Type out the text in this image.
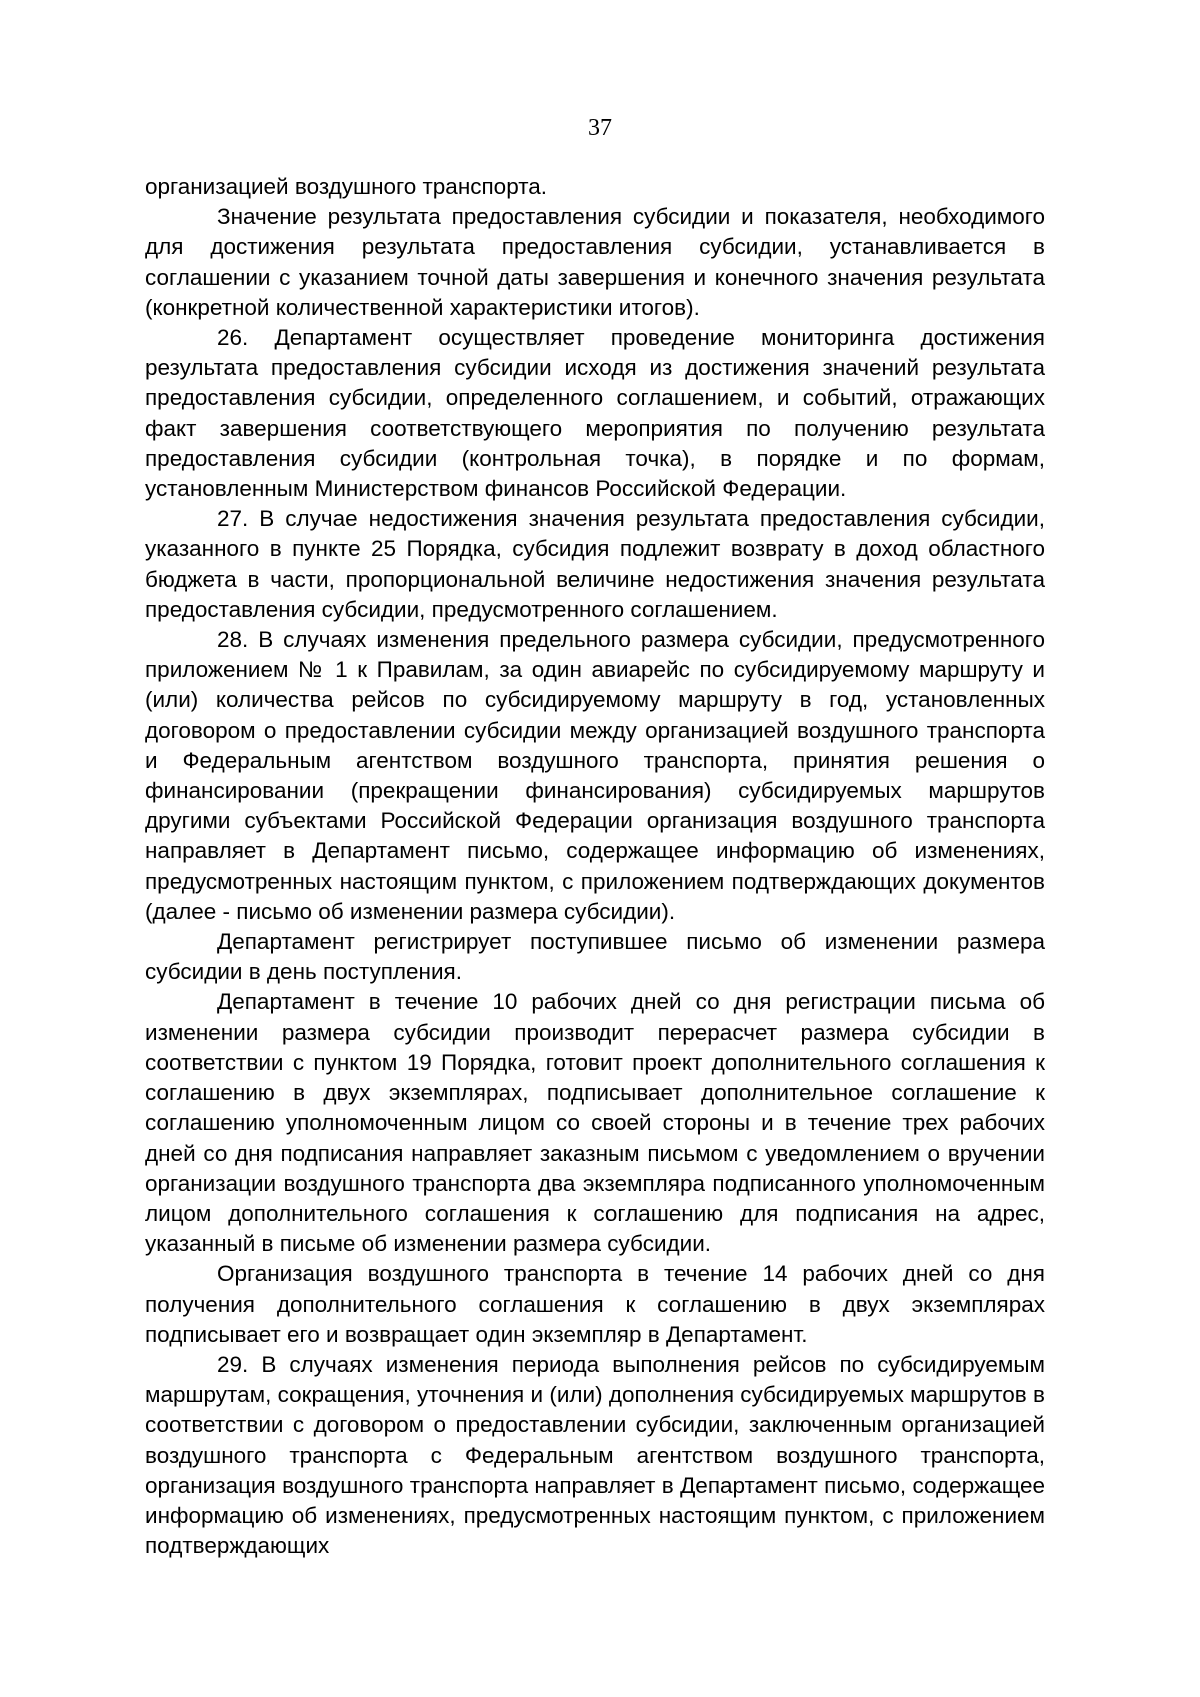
37

организацией воздушного транспорта.

Значение результата предоставления субсидии и показателя, необходимого для достижения результата предоставления субсидии, устанавливается в соглашении с указанием точной даты завершения и конечного значения результата (конкретной количественной характеристики итогов).

26. Департамент осуществляет проведение мониторинга достижения результата предоставления субсидии исходя из достижения значений результата предоставления субсидии, определенного соглашением, и событий, отражающих факт завершения соответствующего мероприятия по получению результата предоставления субсидии (контрольная точка), в порядке и по формам, установленным Министерством финансов Российской Федерации.

27. В случае недостижения значения результата предоставления субсидии, указанного в пункте 25 Порядка, субсидия подлежит возврату в доход областного бюджета в части, пропорциональной величине недостижения значения результата предоставления субсидии, предусмотренного соглашением.

28. В случаях изменения предельного размера субсидии, предусмотренного приложением № 1 к Правилам, за один авиарейс по субсидируемому маршруту и (или) количества рейсов по субсидируемому маршруту в год, установленных договором о предоставлении субсидии между организацией воздушного транспорта и Федеральным агентством воздушного транспорта, принятия решения о финансировании (прекращении финансирования) субсидируемых маршрутов другими субъектами Российской Федерации организация воздушного транспорта направляет в Департамент письмо, содержащее информацию об изменениях, предусмотренных настоящим пунктом, с приложением подтверждающих документов (далее - письмо об изменении размера субсидии).

Департамент регистрирует поступившее письмо об изменении размера субсидии в день поступления.

Департамент в течение 10 рабочих дней со дня регистрации письма об изменении размера субсидии производит перерасчет размера субсидии в соответствии с пунктом 19 Порядка, готовит проект дополнительного соглашения к соглашению в двух экземплярах, подписывает дополнительное соглашение к соглашению уполномоченным лицом со своей стороны и в течение трех рабочих дней со дня подписания направляет заказным письмом с уведомлением о вручении организации воздушного транспорта два экземпляра подписанного уполномоченным лицом дополнительного соглашения к соглашению для подписания на адрес, указанный в письме об изменении размера субсидии.

Организация воздушного транспорта в течение 14 рабочих дней со дня получения дополнительного соглашения к соглашению в двух экземплярах подписывает его и возвращает один экземпляр в Департамент.

29. В случаях изменения периода выполнения рейсов по субсидируемым маршрутам, сокращения, уточнения и (или) дополнения субсидируемых маршрутов в соответствии с договором о предоставлении субсидии, заключенным организацией воздушного транспорта с Федеральным агентством воздушного транспорта, организация воздушного транспорта направляет в Департамент письмо, содержащее информацию об изменениях, предусмотренных настоящим пунктом, с приложением подтверждающих
